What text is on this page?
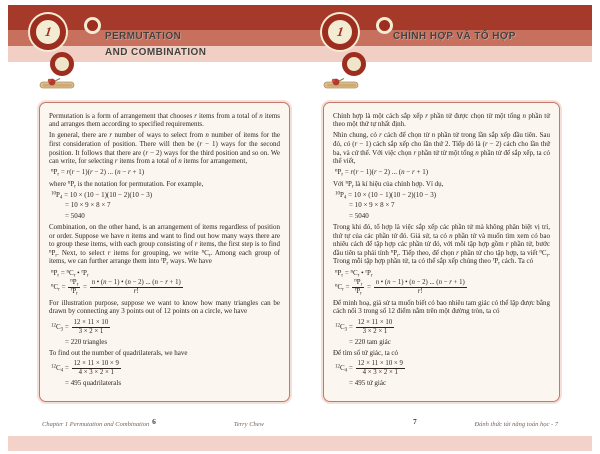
1	PERMUTATION
AND COMBINATION
Permutation is a form of arrangement that chooses r items from a total of n items and arranges them according to specified requirements.
In general, there are r number of ways to select from n number of items for the first consideration of position. There will then be (r − 1) ways for the second position. It follows that there are (r − 2) ways for the third position and so on. We can write, for selecting r items from a total of n items for arrangement,
$^nP_r = r(r - 1)(r - 2)$ ... (n − r + 1)
where $^nP_r$ is the notation for permutation. For example,
$^{10}P_4 = 10 \times (10 - 1)(10 - 2)(10 - 3)$
= 10 × 9 × 8 × 7
= 5040
Combination, on the other hand, is an arrangement of items regardless of position or order. Suppose we have n items and want to find out how many ways there are to group these items, with each group consisting of r items, the first step is to find $^nP_r$. Next, to select r items for grouping, we write $^nC_r$. Among each group of items, we can further arrange them into $^rP_r$ ways. We have
$^nP_r = ^nC_r$ • $^rP_r$
$^nC_r = \frac{^nP_r}{^rP_r} = \frac{n • (n - 1) • (n - 2) ... (n - r + 1)}{r!}$
For illustration purpose, suppose we want to know how many triangles can be drawn by connecting any 3 points out of 12 points on a circle, we have
$^{12}C_3 = \frac{12 \times 11 \times 10}{3 \times 2 \times 1}$
= 220 triangles
To find out the number of quadrilaterals, we have
$^{12}C_4 = \frac{12 \times 11 \times 10 \times 9}{4 \times 3 \times 2 \times 1}$
= 495 quadrilaterals
Chapter 1 Permutation and Combination 6	Terry Chew
1	CHỈNH HỢP VÀ TỔ HỢP
Chỉnh hợp là một cách sắp xếp r phần tử được chọn từ một tổng n phần tử theo một thứ tự nhất định.
Nhìn chung, có r cách để chọn từ n phần tử trong lần sắp xếp đầu tiên. Sau đó, có (r − 1) cách sắp xếp cho lần thứ 2. Tiếp đó là (r − 2) cách cho lần thứ ba, và cứ thế. Với việc chọn r phần tử từ một tổng n phần tử để sắp xếp, ta có thể viết,
$^nP_r = r(r - 1)(r - 2)$ ... (n − r + 1)
Với $^nP_r$ là kí hiệu của chỉnh hợp. Ví dụ,
$^{10}P_4 = 10 \times (10 - 1)(10 - 2)(10 - 3)$
= 10 × 9 × 8 × 7
= 5040
Trong khi đó, tổ hợp là việc sắp xếp các phần tử mà không phân biệt vị trí, thứ tự của các phần tử đó. Giả sử, ta có n phần tử và muốn tìm xem có bao nhiêu cách để tập hợp các phần tử đó, với mỗi tập hợp gồm r phần tử, bước đầu tiên ta phải tính $^nP_r$. Tiếp theo, để chọn r phần tử cho tập hợp, ta viết $^nC_r$. Trong mỗi tập hợp phần tử, ta có thể sắp xếp chúng theo $^rP_r$ cách. Ta có
$^nP_r = ^nC_r$ • $^rP_r$
$^nC_r = \frac{^nP_r}{^rP_r} = \frac{n • (n - 1) • (n - 2) ... (n - r + 1)}{r!}$
Để minh hoạ, giả sử ta muốn biết có bao nhiêu tam giác có thể lập được bằng cách nối 3 trong số 12 điểm nằm trên một đường tròn, ta có
$^{12}C_3 = \frac{12 \times 11 \times 10}{3 \times 2 \times 1}$
= 220 tam giác
Để tìm số tứ giác, ta có
$^{12}C_4 = \frac{12 \times 11 \times 10 \times 9}{4 \times 3 \times 2 \times 1}$
= 495 tứ giác
7	Đánh thức tài năng toán học - 7
